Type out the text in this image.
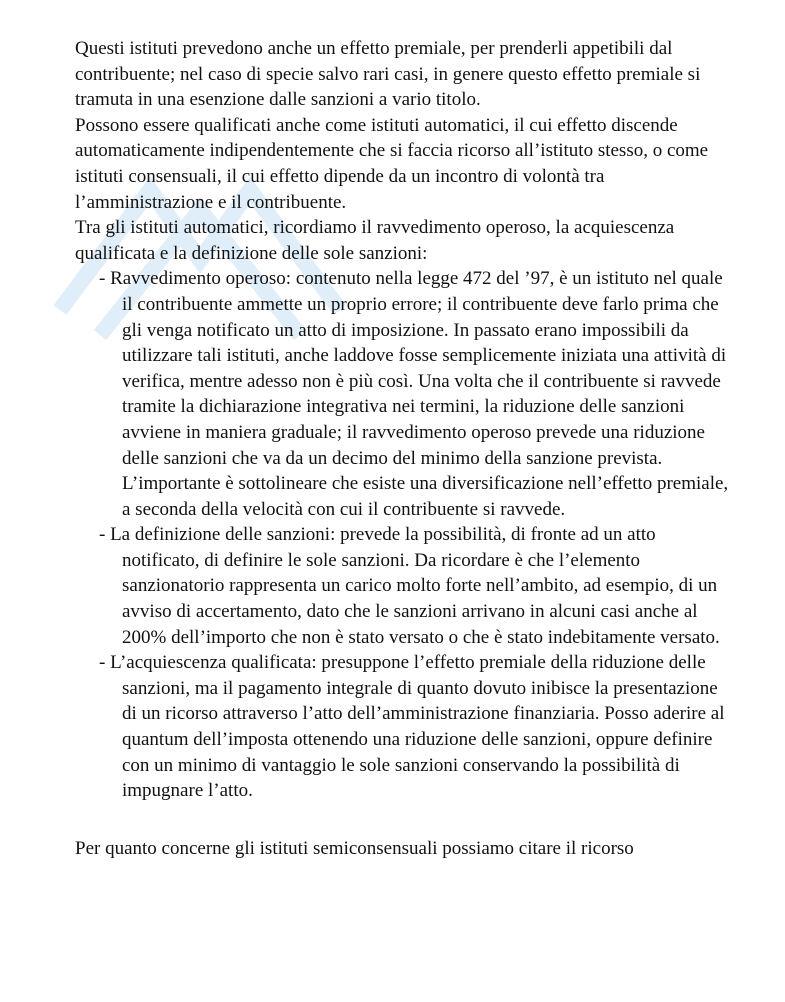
Questi istituti prevedono anche un effetto premiale, per prenderli appetibili dal contribuente; nel caso di specie salvo rari casi, in genere questo effetto premiale si tramuta in una esenzione dalle sanzioni a vario titolo.

Possono essere qualificati anche come istituti automatici, il cui effetto discende automaticamente indipendentemente che si faccia ricorso all’istituto stesso, o come istituti consensuali, il cui effetto dipende da un incontro di volontà tra l’amministrazione e il contribuente.

Tra gli istituti automatici, ricordiamo il ravvedimento operoso, la acquiescenza qualificata e la definizione delle sole sanzioni:

- Ravvedimento operoso: contenuto nella legge 472 del ’97, è un istituto nel quale il contribuente ammette un proprio errore; il contribuente deve farlo prima che gli venga notificato un atto di imposizione. In passato erano impossibili da utilizzare tali istituti, anche laddove fosse semplicemente iniziata una attività di verifica, mentre adesso non è più così. Una volta che il contribuente si ravvede tramite la dichiarazione integrativa nei termini, la riduzione delle sanzioni avviene in maniera graduale; il ravvedimento operoso prevede una riduzione delle sanzioni che va da un decimo del minimo della sanzione prevista. L’importante è sottolineare che esiste una diversificazione nell’effetto premiale, a seconda della velocità con cui il contribuente si ravvede.
- La definizione delle sanzioni: prevede la possibilità, di fronte ad un atto notificato, di definire le sole sanzioni. Da ricordare è che l’elemento sanzionatorio rappresenta un carico molto forte nell’ambito, ad esempio, di un avviso di accertamento, dato che le sanzioni arrivano in alcuni casi anche al 200% dell’importo che non è stato versato o che è stato indebitamente versato.
- L’acquiescenza qualificata: presuppone l’effetto premiale della riduzione delle sanzioni, ma il pagamento integrale di quanto dovuto inibisce la presentazione di un ricorso attraverso l’atto dell’amministrazione finanziaria. Posso aderire al quantum dell’imposta ottenendo una riduzione delle sanzioni, oppure definire con un minimo di vantaggio le sole sanzioni conservando la possibilità di impugnare l’atto.

Per quanto concerne gli istituti semiconsensuali possiamo citare il ricorso
